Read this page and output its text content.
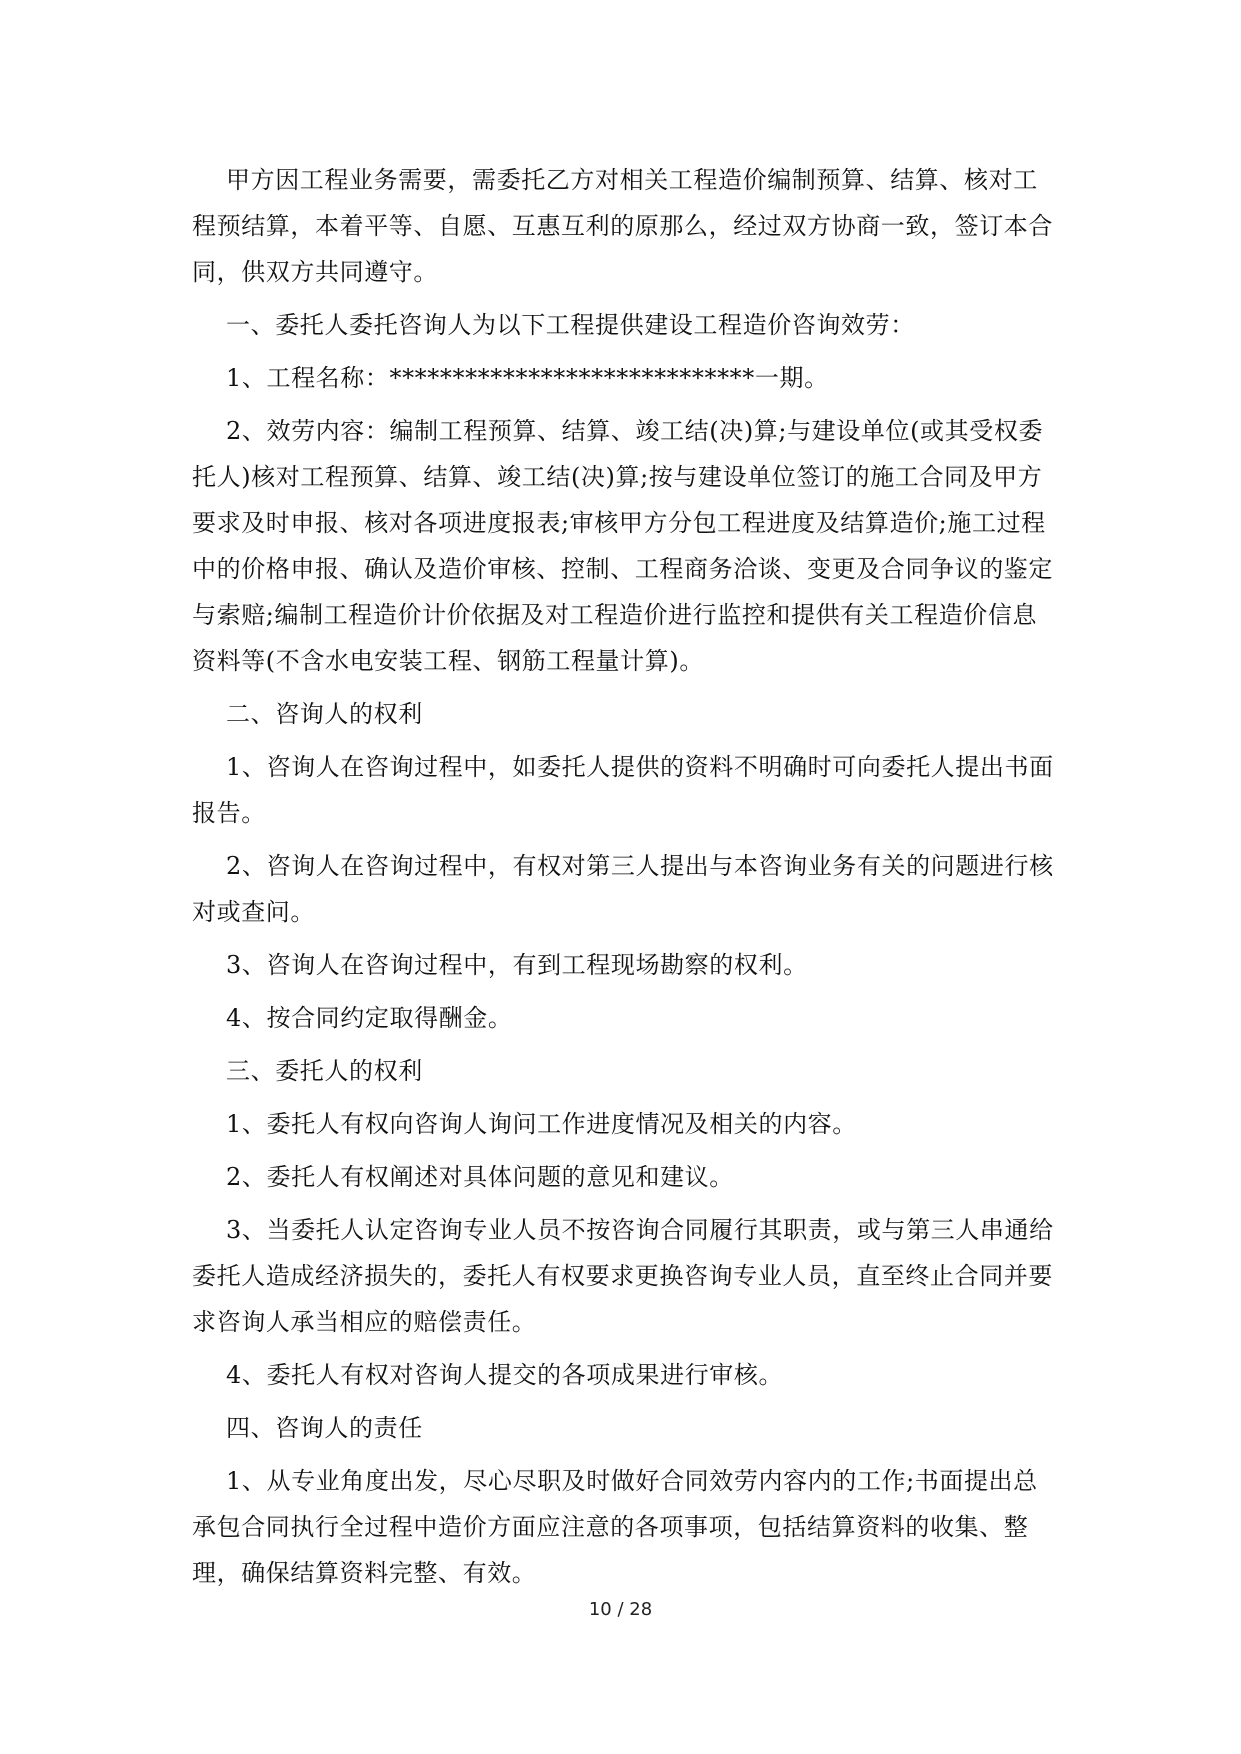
甲方因工程业务需要，需委托乙方对相关工程造价编制预算、结算、核对工程预结算，本着平等、自愿、互惠互利的原那么，经过双方协商一致，签订本合同，供双方共同遵守。

一、委托人委托咨询人为以下工程提供建设工程造价咨询效劳：

1、工程名称：*****************************一期。

2、效劳内容：编制工程预算、结算、竣工结(决)算;与建设单位(或其受权委托人)核对工程预算、结算、竣工结(决)算;按与建设单位签订的施工合同及甲方要求及时申报、核对各项进度报表;审核甲方分包工程进度及结算造价;施工过程中的价格申报、确认及造价审核、控制、工程商务洽谈、变更及合同争议的鉴定与索赔;编制工程造价计价依据及对工程造价进行监控和提供有关工程造价信息资料等(不含水电安装工程、钢筋工程量计算)。

二、咨询人的权利

1、咨询人在咨询过程中，如委托人提供的资料不明确时可向委托人提出书面报告。

2、咨询人在咨询过程中，有权对第三人提出与本咨询业务有关的问题进行核对或查问。

3、咨询人在咨询过程中，有到工程现场勘察的权利。

4、按合同约定取得酬金。

三、委托人的权利

1、委托人有权向咨询人询问工作进度情况及相关的内容。

2、委托人有权阐述对具体问题的意见和建议。

3、当委托人认定咨询专业人员不按咨询合同履行其职责，或与第三人串通给委托人造成经济损失的，委托人有权要求更换咨询专业人员，直至终止合同并要求咨询人承当相应的赔偿责任。

4、委托人有权对咨询人提交的各项成果进行审核。

四、咨询人的责任

1、从专业角度出发，尽心尽职及时做好合同效劳内容内的工作;书面提出总承包合同执行全过程中造价方面应注意的各项事项，包括结算资料的收集、整理，确保结算资料完整、有效。

10 / 28
